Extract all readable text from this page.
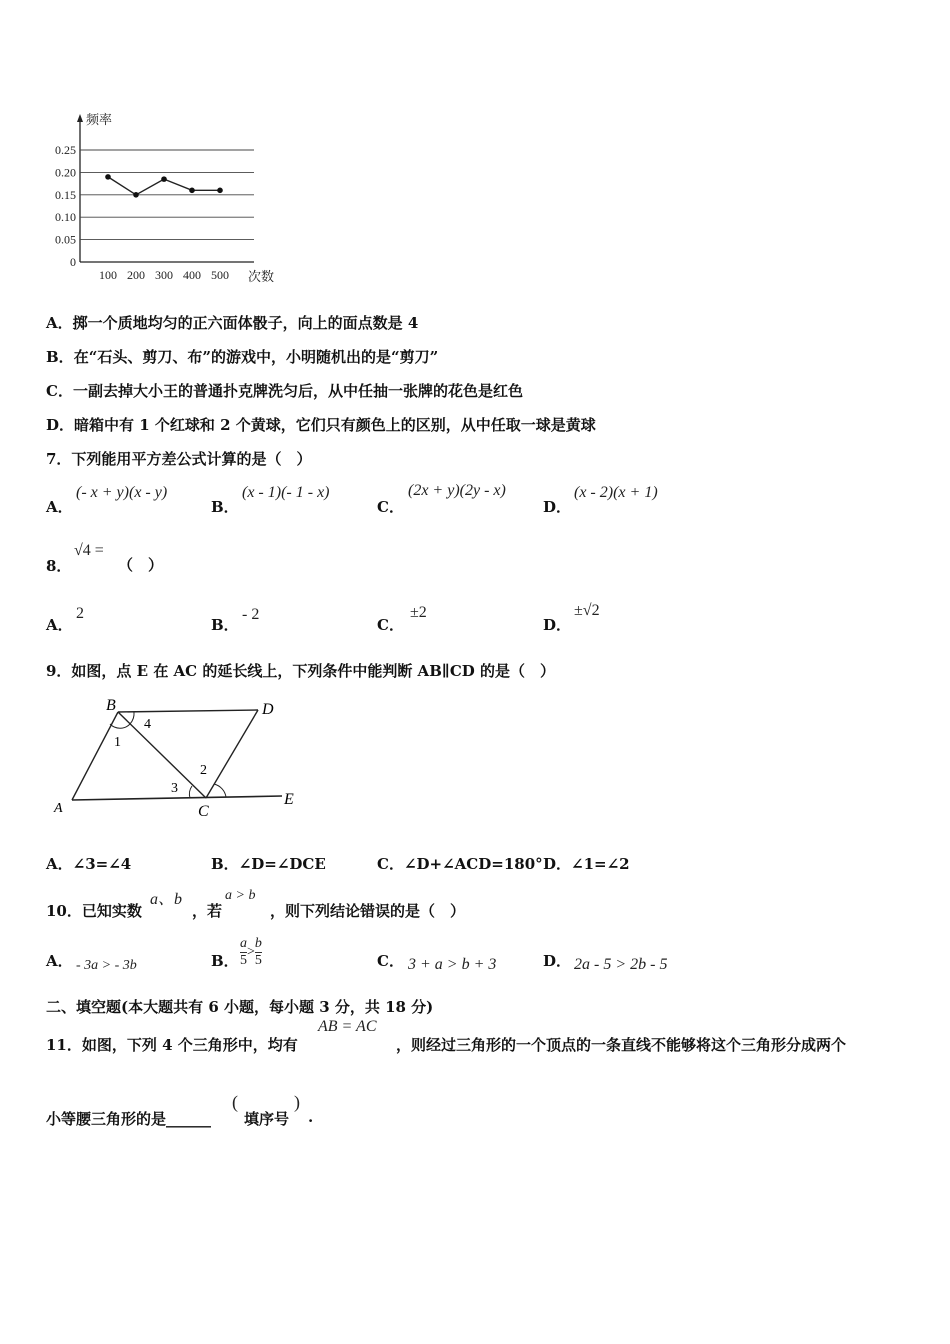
0.25
0.20
0.15
0.10
0.05
0
100 200 300 400 500
频率
次数
A．掷一个质地均匀的正六面体骰子，向上的面点数是 4
B．在“石头、剪刀、布”的游戏中，小明随机出的是“剪刀”
C．一副去掉大小王的普通扑克牌洗匀后，从中任抽一张牌的花色是红色
D．暗箱中有 1 个红球和 2 个黄球，它们只有颜色上的区别，从中任取一球是黄球
7．下列能用平方差公式计算的是（　）
A．
(- x + y)(x - y)
B．
(x - 1)(- 1 - x)
C．
(2x + y)(2y - x)
D．
(x - 2)(x + 1)
8．
√4 =
（　）
A．
2
B．
- 2
C．
±2
D．
±√2
9．如图，点 E 在 AC 的延长线上，下列条件中能判断 AB∥CD 的是（　）
B	D
A	C
E
1
4
3
2
A．∠3=∠4	B．∠D=∠DCE	C．∠D+∠ACD=180° D．∠1=∠2
10．已知实数
a、b
，若
a > b
，则下列结论错误的是（　）
A． - 3a > - 3b	B． $\frac{a}{5} > \frac{b}{5}$	C． 3 + a > b + 3	D． 2a - 5 > 2b - 5
二、填空题(本大题共有 6 小题，每小题 3 分，共 18 分)
11．如图，下列 4 个三角形中，均有
AB = AC
，则经过三角形的一个顶点的一条直线不能够将这个三角形分成两个
小等腰三角形的是______
(
填序号
)
.
